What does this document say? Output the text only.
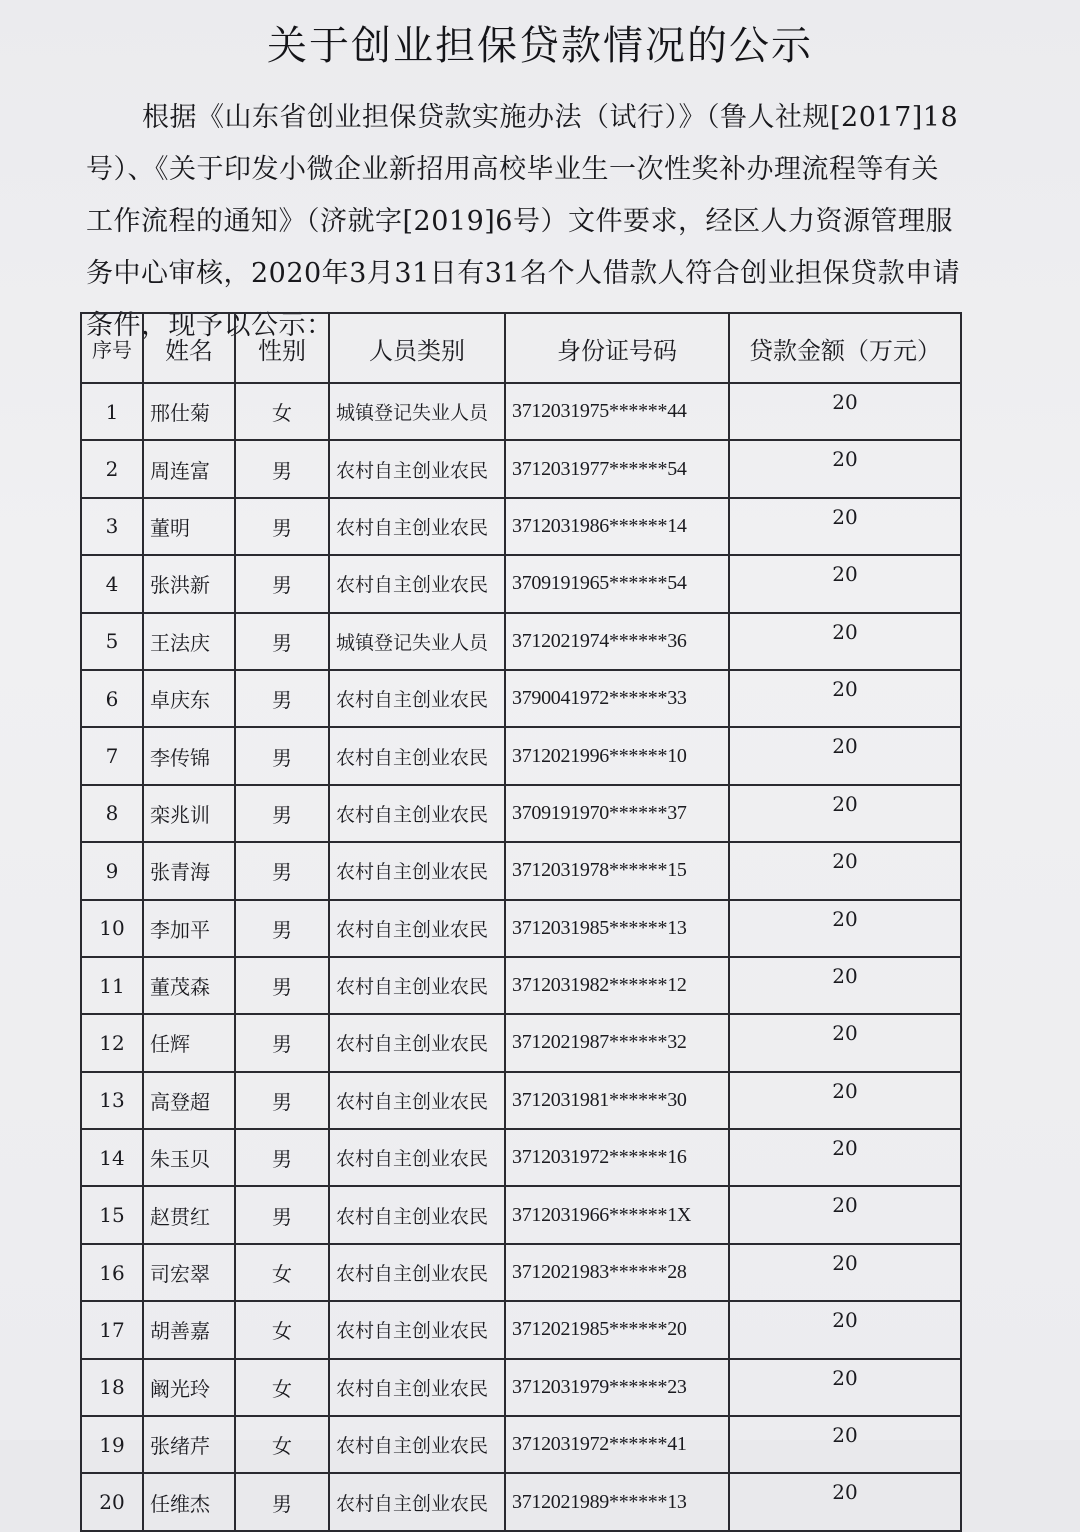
关于创业担保贷款情况的公示
根据《山东省创业担保贷款实施办法（试行）》（鲁人社规[2017]18号）、《关于印发小微企业新招用高校毕业生一次性奖补办理流程等有关工作流程的通知》（济就字[2019]6号）文件要求，经区人力资源管理服务中心审核，2020年3月31日有31名个人借款人符合创业担保贷款申请条件，现予以公示：
序号	姓名	性别	人员类别	身份证号码	贷款金额（万元）
1	邢仕菊	女	城镇登记失业人员	3712031975******44	20
2	周连富	男	农村自主创业农民	3712031977******54	20
3	董明	男	农村自主创业农民	3712031986******14	20
4	张洪新	男	农村自主创业农民	3709191965******54	20
5	王法庆	男	城镇登记失业人员	3712021974******36	20
6	卓庆东	男	农村自主创业农民	3790041972******33	20
7	李传锦	男	农村自主创业农民	3712021996******10	20
8	栾兆训	男	农村自主创业农民	3709191970******37	20
9	张青海	男	农村自主创业农民	3712031978******15	20
10	李加平	男	农村自主创业农民	3712031985******13	20
11	董茂森	男	农村自主创业农民	3712031982******12	20
12	任辉	男	农村自主创业农民	3712021987******32	20
13	高登超	男	农村自主创业农民	3712031981******30	20
14	朱玉贝	男	农村自主创业农民	3712031972******16	20
15	赵贯红	男	农村自主创业农民	3712031966******1X	20
16	司宏翠	女	农村自主创业农民	3712021983******28	20
17	胡善嘉	女	农村自主创业农民	3712021985******20	20
18	阚光玲	女	农村自主创业农民	3712031979******23	20
19	张绪芹	女	农村自主创业农民	3712031972******41	20
20	任维杰	男	农村自主创业农民	3712021989******13	20
